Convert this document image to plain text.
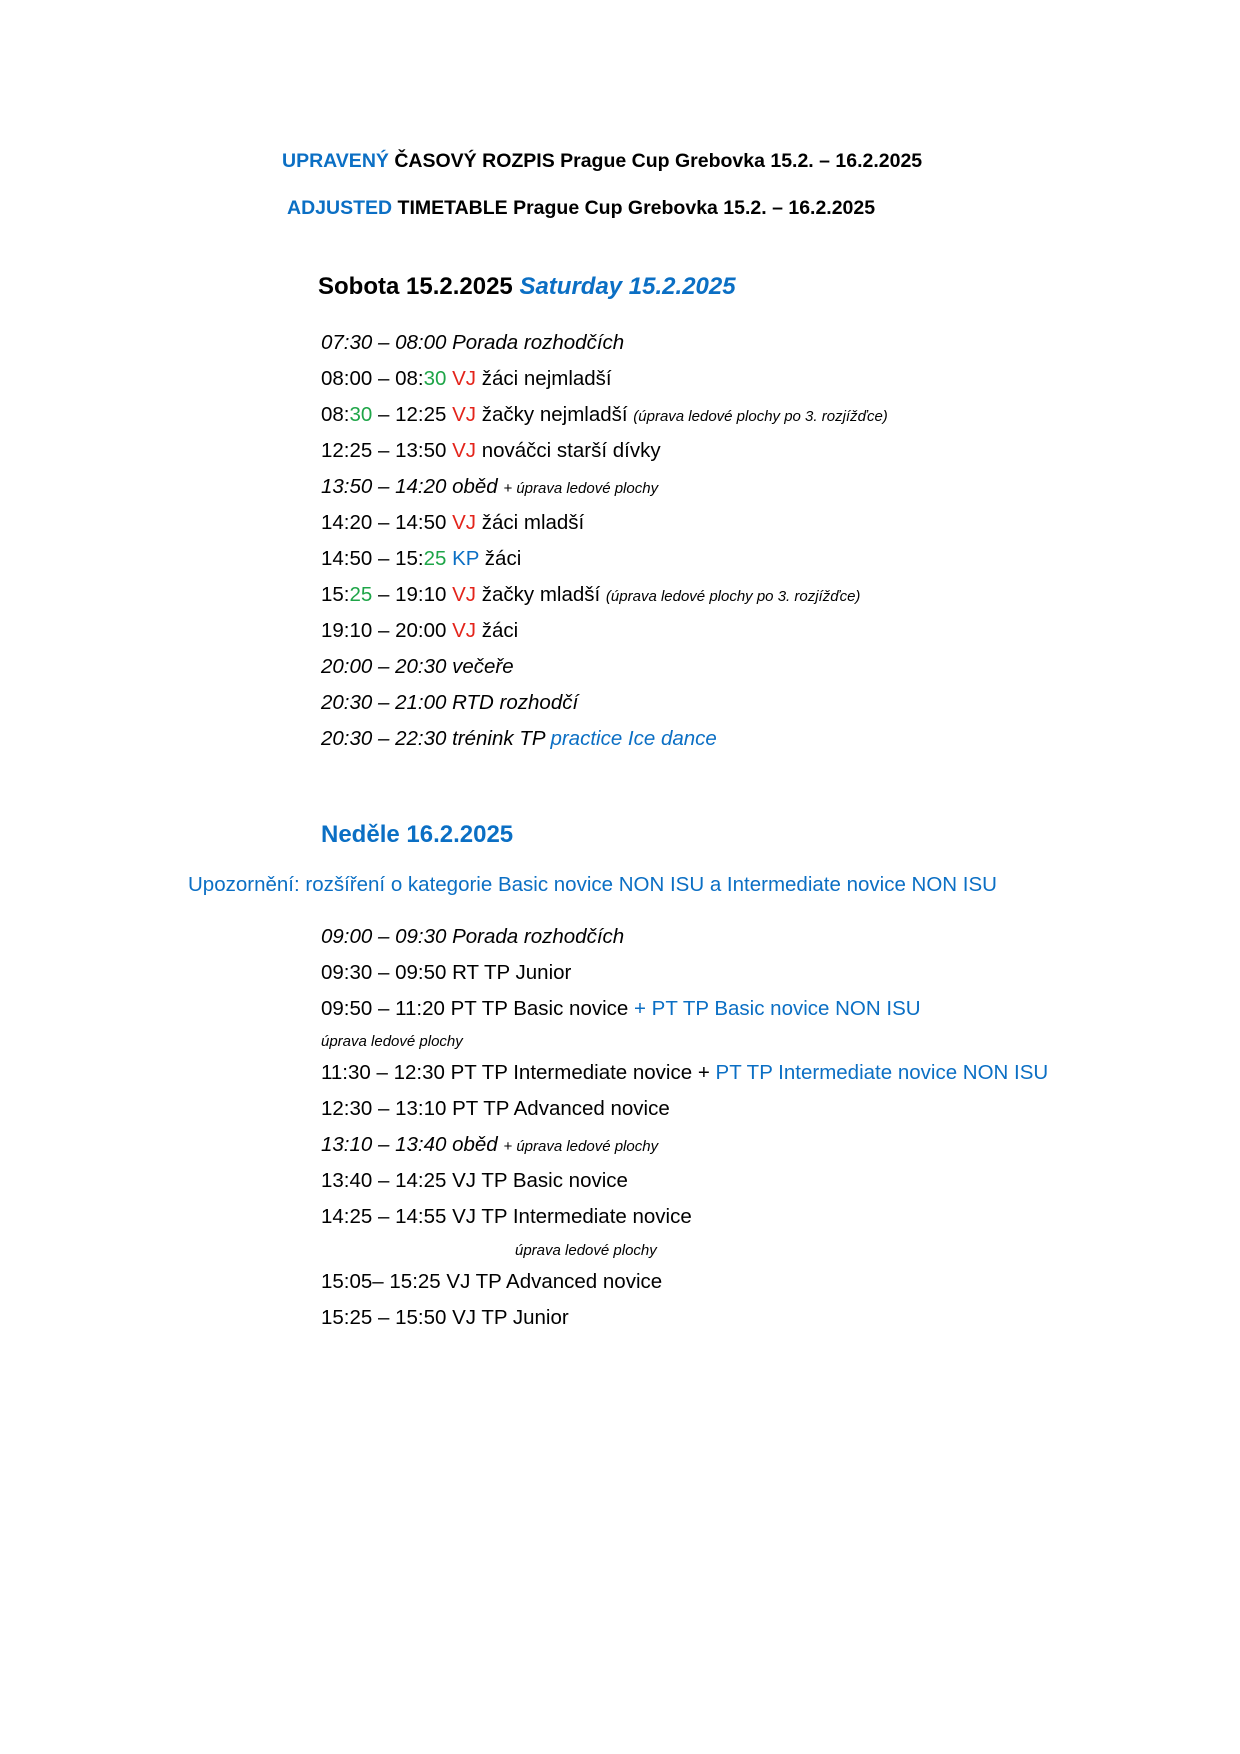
UPRAVENÝ ČASOVÝ ROZPIS Prague Cup Grebovka 15.2. – 16.2.2025
ADJUSTED TIMETABLE Prague Cup Grebovka 15.2. – 16.2.2025
Sobota 15.2.2025 Saturday 15.2.2025
07:30 – 08:00 Porada rozhodčích
08:00 – 08:30 VJ žáci nejmladší
08:30 – 12:25 VJ žačky nejmladší (úprava ledové plochy po 3. rozjížďce)
12:25 – 13:50 VJ nováčci starší dívky
13:50 – 14:20 oběd + úprava ledové plochy
14:20 – 14:50 VJ žáci mladší
14:50 – 15:25 KP žáci
15:25 – 19:10 VJ žačky mladší (úprava ledové plochy po 3. rozjížďce)
19:10 – 20:00 VJ žáci
20:00 – 20:30 večeře
20:30 – 21:00 RTD rozhodčí
20:30 – 22:30 trénink TP practice Ice dance
Neděle 16.2.2025
Upozornění: rozšíření o kategorie Basic novice NON ISU a Intermediate novice NON ISU
09:00 – 09:30 Porada rozhodčích
09:30 – 09:50 RT TP Junior
09:50 – 11:20 PT TP Basic novice + PT TP Basic novice NON ISU
úprava ledové plochy
11:30 – 12:30 PT TP Intermediate novice + PT TP Intermediate novice NON ISU
12:30 – 13:10 PT TP Advanced novice
13:10 – 13:40 oběd + úprava ledové plochy
13:40 – 14:25 VJ TP Basic novice
14:25 – 14:55 VJ TP Intermediate novice
úprava ledové plochy
15:05– 15:25 VJ TP Advanced novice
15:25 – 15:50 VJ TP Junior
